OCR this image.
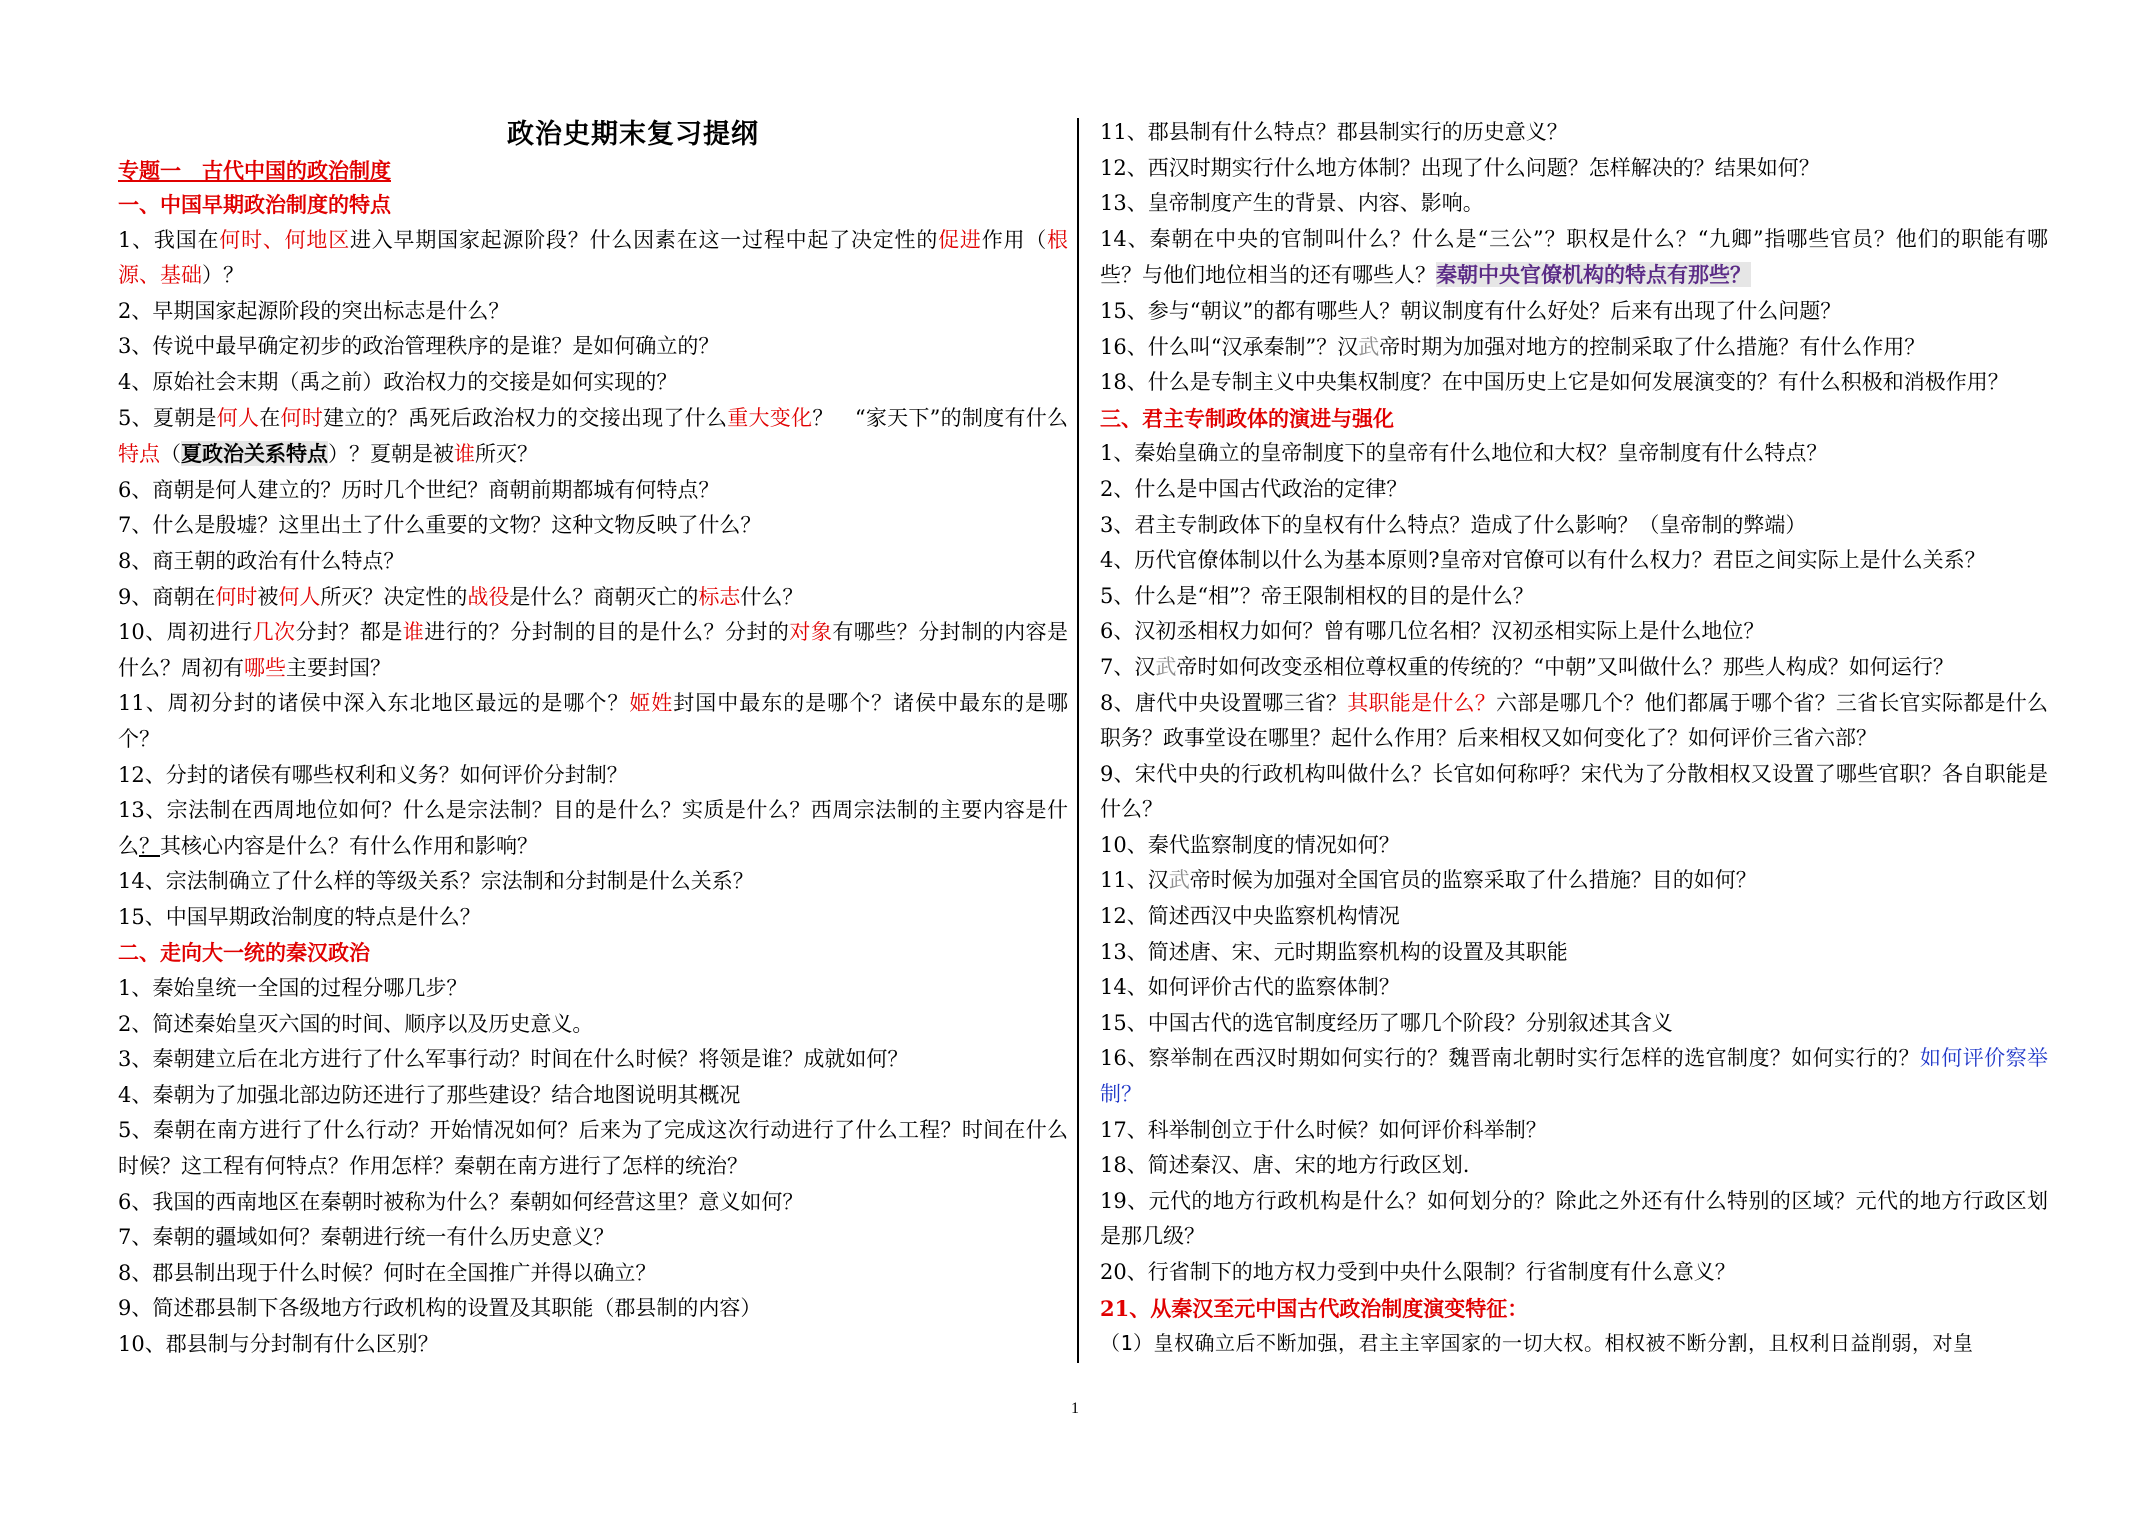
政治史期末复习提纲
专题一　古代中国的政治制度
一、中国早期政治制度的特点
1、我国在何时、何地区进入早期国家起源阶段？什么因素在这一过程中起了决定性的促进作用（根源、基础）？
2、早期国家起源阶段的突出标志是什么？
3、传说中最早确定初步的政治管理秩序的是谁？是如何确立的？
4、原始社会末期（禹之前）政治权力的交接是如何实现的？
5、夏朝是何人在何时建立的？禹死后政治权力的交接出现了什么重大变化？　“家天下”的制度有什么特点（夏政治关系特点）？夏朝是被谁所灭？
6、商朝是何人建立的？历时几个世纪？商朝前期都城有何特点？
7、什么是殷墟？这里出土了什么重要的文物？这种文物反映了什么？
8、商王朝的政治有什么特点？
9、商朝在何时被何人所灭？决定性的战役是什么？商朝灭亡的标志什么？
10、周初进行几次分封？都是谁进行的？分封制的目的是什么？分封的对象有哪些？分封制的内容是什么？周初有哪些主要封国？
11、周初分封的诸侯中深入东北地区最远的是哪个？姬姓封国中最东的是哪个？诸侯中最东的是哪个？
12、分封的诸侯有哪些权利和义务？如何评价分封制？
13、宗法制在西周地位如何？什么是宗法制？目的是什么？实质是什么？西周宗法制的主要内容是什么？其核心内容是什么？有什么作用和影响？
14、宗法制确立了什么样的等级关系？宗法制和分封制是什么关系？
15、中国早期政治制度的特点是什么？
二、走向大一统的秦汉政治
1、秦始皇统一全国的过程分哪几步？
2、简述秦始皇灭六国的时间、顺序以及历史意义。
3、秦朝建立后在北方进行了什么军事行动？时间在什么时候？将领是谁？成就如何？
4、秦朝为了加强北部边防还进行了那些建设？结合地图说明其概况
5、秦朝在南方进行了什么行动？开始情况如何？后来为了完成这次行动进行了什么工程？时间在什么时候？这工程有何特点？作用怎样？秦朝在南方进行了怎样的统治？
6、我国的西南地区在秦朝时被称为什么？秦朝如何经营这里？意义如何？
7、秦朝的疆域如何？秦朝进行统一有什么历史意义？
8、郡县制出现于什么时候？何时在全国推广并得以确立？
9、简述郡县制下各级地方行政机构的设置及其职能（郡县制的内容）
10、郡县制与分封制有什么区别？
11、郡县制有什么特点？郡县制实行的历史意义？
12、西汉时期实行什么地方体制？出现了什么问题？怎样解决的？结果如何？
13、皇帝制度产生的背景、内容、影响。
14、秦朝在中央的官制叫什么？什么是“三公”？职权是什么？“九卿”指哪些官员？他们的职能有哪些？与他们地位相当的还有哪些人？秦朝中央官僚机构的特点有那些？
15、参与“朝议”的都有哪些人？朝议制度有什么好处？后来有出现了什么问题？
16、什么叫“汉承秦制”？汉武帝时期为加强对地方的控制采取了什么措施？有什么作用？
18、什么是专制主义中央集权制度？在中国历史上它是如何发展演变的？有什么积极和消极作用？
三、君主专制政体的演进与强化
1、秦始皇确立的皇帝制度下的皇帝有什么地位和大权？皇帝制度有什么特点？
2、什么是中国古代政治的定律？
3、君主专制政体下的皇权有什么特点？造成了什么影响？（皇帝制的弊端）
4、历代官僚体制以什么为基本原则?皇帝对官僚可以有什么权力？君臣之间实际上是什么关系？
5、什么是“相”？帝王限制相权的目的是什么？
6、汉初丞相权力如何？曾有哪几位名相？汉初丞相实际上是什么地位？
7、汉武帝时如何改变丞相位尊权重的传统的？“中朝”又叫做什么？那些人构成？如何运行？
8、唐代中央设置哪三省？其职能是什么？六部是哪几个？他们都属于哪个省？三省长官实际都是什么职务？政事堂设在哪里？起什么作用？后来相权又如何变化了？如何评价三省六部？
9、宋代中央的行政机构叫做什么？长官如何称呼？宋代为了分散相权又设置了哪些官职？各自职能是什么？
10、秦代监察制度的情况如何？
11、汉武帝时候为加强对全国官员的监察采取了什么措施？目的如何？
12、简述西汉中央监察机构情况
13、简述唐、宋、元时期监察机构的设置及其职能
14、如何评价古代的监察体制？
15、中国古代的选官制度经历了哪几个阶段？分别叙述其含义
16、察举制在西汉时期如何实行的？魏晋南北朝时实行怎样的选官制度？如何实行的？如何评价察举制？
17、科举制创立于什么时候？如何评价科举制？
18、简述秦汉、唐、宋的地方行政区划.
19、元代的地方行政机构是什么？如何划分的？除此之外还有什么特别的区域？元代的地方行政区划是那几级？
20、行省制下的地方权力受到中央什么限制？行省制度有什么意义？
21、从秦汉至元中国古代政治制度演变特征：
（1）皇权确立后不断加强，君主主宰国家的一切大权。相权被不断分割，且权利日益削弱，对皇
1
